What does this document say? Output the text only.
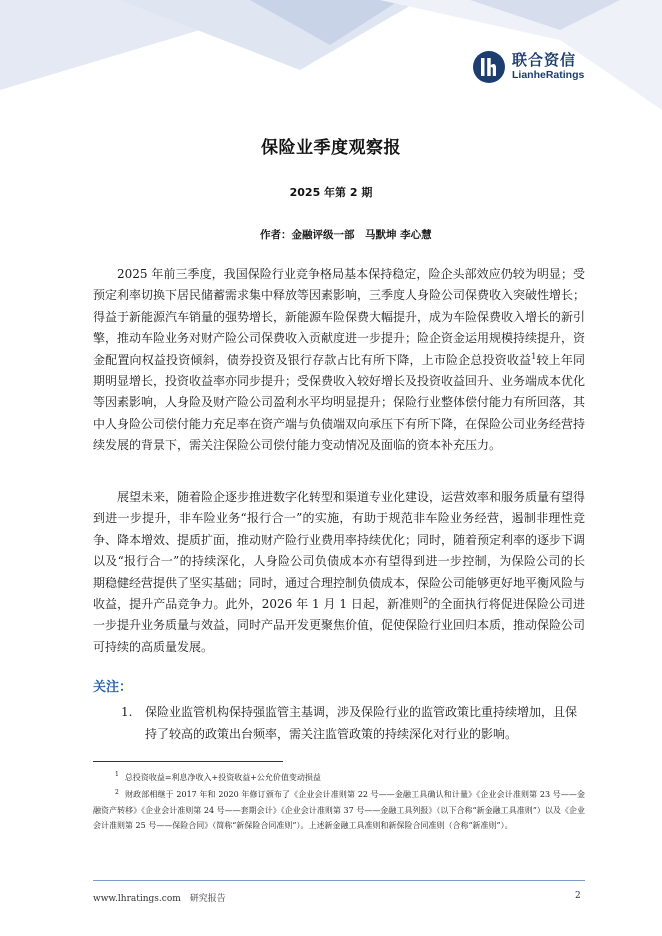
联合资信
LianheRatings
保险业季度观察报
2025 年第 2 期
作者：金融评级一部　马默坤 李心慧

2025 年前三季度，我国保险行业竞争格局基本保持稳定，险企头部效应仍较为明显；受预定利率切换下居民储蓄需求集中释放等因素影响，三季度人身险公司保费收入突破性增长；得益于新能源汽车销量的强势增长，新能源车险保费大幅提升，成为车险保费收入增长的新引擎，推动车险业务对财产险公司保费收入贡献度进一步提升；险企资金运用规模持续提升，资金配置向权益投资倾斜，债券投资及银行存款占比有所下降，上市险企总投资收益$^1$较上年同期明显增长，投资收益率亦同步提升；受保费收入较好增长及投资收益回升、业务端成本优化等因素影响，人身险及财产险公司盈利水平均明显提升；保险行业整体偿付能力有所回落，其中人身险公司偿付能力充足率在资产端与负债端双向承压下有所下降，在保险公司业务经营持续发展的背景下，需关注保险公司偿付能力变动情况及面临的资本补充压力。

展望未来，随着险企逐步推进数字化转型和渠道专业化建设，运营效率和服务质量有望得到进一步提升，非车险业务“报行合一”的实施，有助于规范非车险业务经营，遏制非理性竞争、降本增效、提质扩面，推动财产险行业费用率持续优化；同时，随着预定利率的逐步下调以及“报行合一”的持续深化，人身险公司负债成本亦有望得到进一步控制，为保险公司的长期稳健经营提供了坚实基础；同时，通过合理控制负债成本，保险公司能够更好地平衡风险与收益，提升产品竞争力。此外，2026 年 1 月 1 日起，新准则$^2$的全面执行将促进保险公司进一步提升业务质量与效益，同时产品开发更聚焦价值，促使保险行业回归本质，推动保险公司可持续的高质量发展。

关注：
1. 保险业监管机构保持强监管主基调，涉及保险行业的监管政策比重持续增加，且保持了较高的政策出台频率，需关注监管政策的持续深化对行业的影响。
$^1$ 总投资收益=利息净收入+投资收益+公允价值变动损益
$^2$ 财政部相继于 2017 年和 2020 年修订颁布了《企业会计准则第 22 号——金融工具确认和计量》《企业会计准则第 23 号——金融资产转移》《企业会计准则第 24 号——套期会计》《企业会计准则第 37 号——金融工具列报》（以下合称“新金融工具准则”）以及《企业会计准则第 25 号——保险合同》（简称“新保险合同准则”）。上述新金融工具准则和新保险合同准则（合称“新准则”）。
www.lhratings.com　研究报告	2
